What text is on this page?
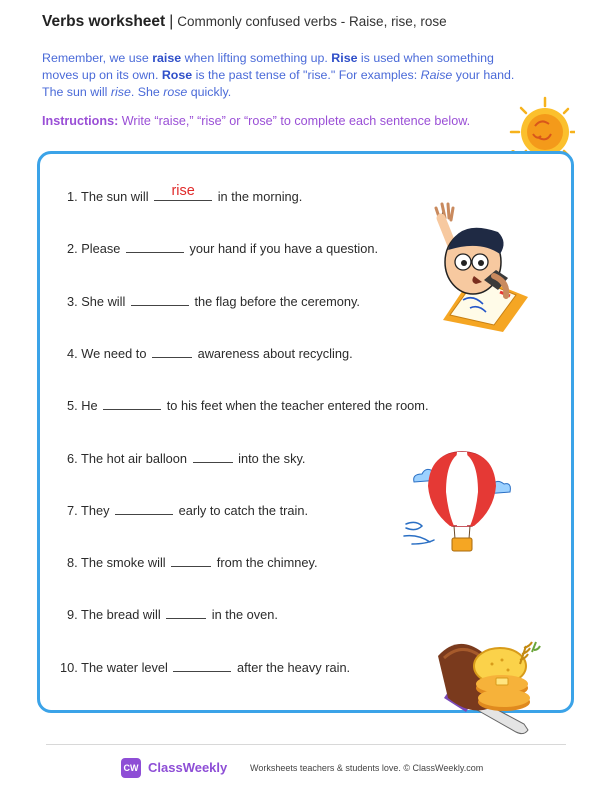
Verbs worksheet | Commonly confused verbs - Raise, rise, rose
Remember, we use raise when lifting something up. Rise is used when something moves up on its own. Rose is the past tense of "rise." For examples: Raise your hand. The sun will rise. She rose quickly.
Instructions: Write “raise,” “rise” or “rose” to complete each sentence below.
1. The sun will rise in the morning.
2. Please	your hand if you have a question.
3. She will	the flag before the ceremony.
4. We need to	awareness about recycling.
5. He	to his feet when the teacher entered the room.
6. The hot air balloon	into the sky.
7. They	early to catch the train.
8. The smoke will	from the chimney.
9. The bread will	in the oven.
10. The water level	after the heavy rain.
CW ClassWeekly	Worksheets teachers & students love. © ClassWeekly.com
